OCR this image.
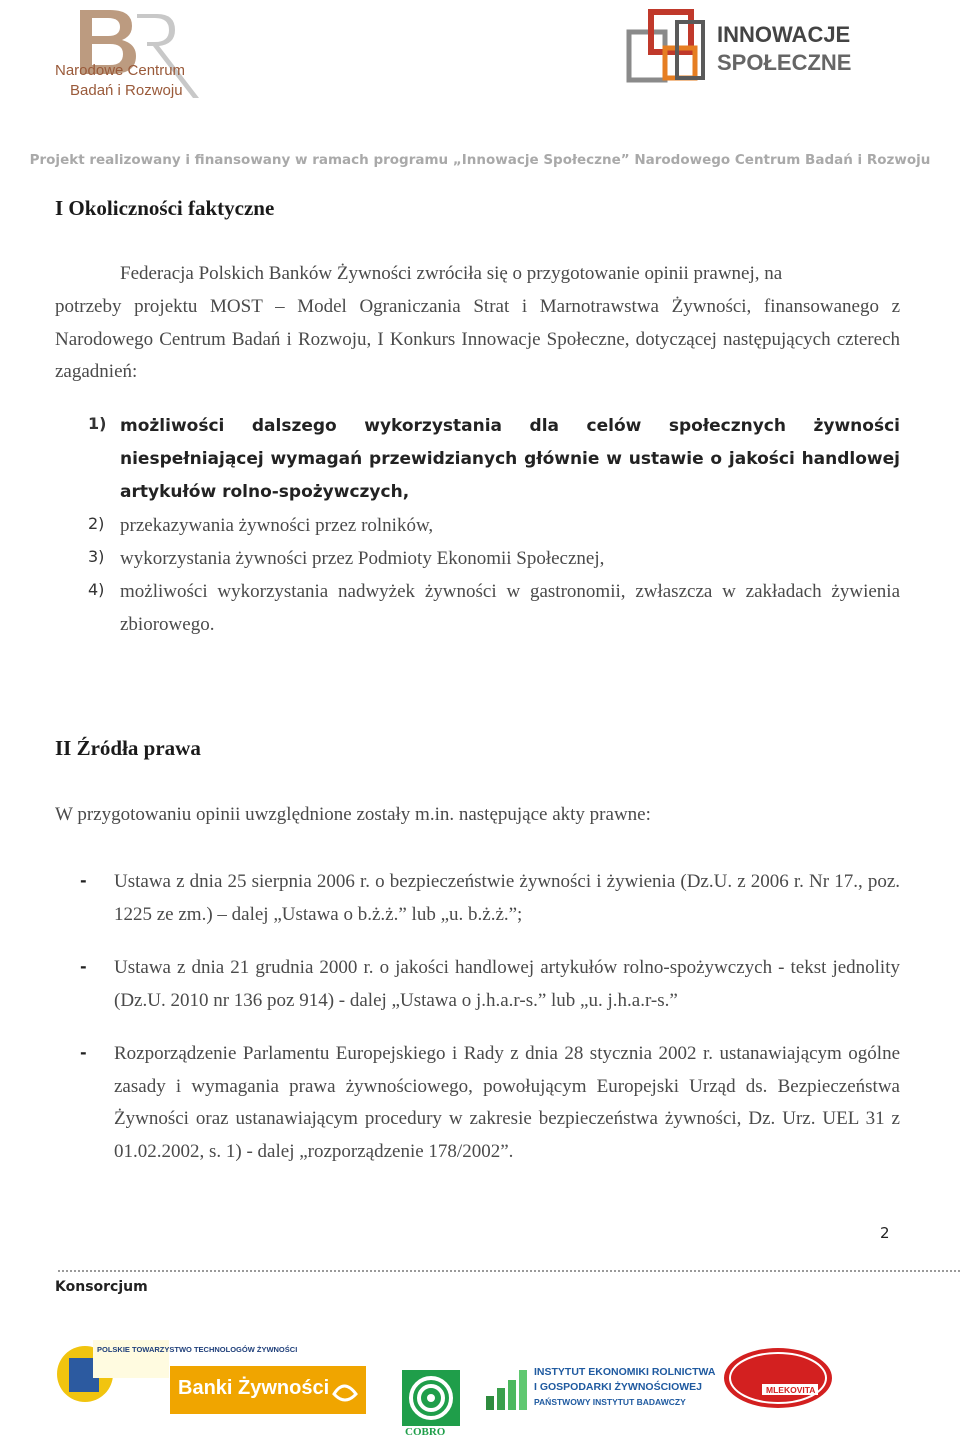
Narodowe Centrum
Badań i Rozwoju
INNOWACJE
SPOŁECZNE
Projekt realizowany i finansowany w ramach programu „Innowacje Społeczne” Narodowego Centrum Badań i Rozwoju
I Okoliczności faktyczne
Federacja Polskich Banków Żywności zwróciła się o przygotowanie opinii prawnej, na
potrzeby projektu MOST – Model Ograniczania Strat i Marnotrawstwa Żywności, finansowanego z Narodowego Centrum Badań i Rozwoju, I Konkurs Innowacje Społeczne, dotyczącej następujących czterech zagadnień:
1) możliwości dalszego wykorzystania dla celów społecznych żywności niespełniającej wymagań przewidzianych głównie w ustawie o jakości handlowej artykułów rolno-spożywczych,
2) przekazywania żywności przez rolników,
3) wykorzystania żywności przez Podmioty Ekonomii Społecznej,
4) możliwości wykorzystania nadwyżek żywności w gastronomii, zwłaszcza w zakładach żywienia zbiorowego.
II Źródła prawa
W przygotowaniu opinii uwzględnione zostały m.in. następujące akty prawne:
- Ustawa z dnia 25 sierpnia 2006 r. o bezpieczeństwie żywności i żywienia (Dz.U. z 2006 r. Nr 17., poz. 1225 ze zm.) – dalej „Ustawa o b.ż.ż.” lub „u. b.ż.ż.”;
- Ustawa z dnia 21 grudnia 2000 r. o jakości handlowej artykułów rolno-spożywczych - tekst jednolity (Dz.U. 2010 nr 136 poz 914) - dalej „Ustawa o j.h.a.r-s.” lub „u. j.h.a.r-s.”
- Rozporządzenie Parlamentu Europejskiego i Rady z dnia 28 stycznia 2002 r. ustanawiającym ogólne zasady i wymagania prawa żywnościowego, powołującym Europejski Urząd ds. Bezpieczeństwa Żywności oraz ustanawiającym procedury w zakresie bezpieczeństwa żywności, Dz. Urz. UEL 31 z 01.02.2002, s. 1) - dalej „rozporządzenie 178/2002”.
2
Konsorcjum
POLSKIE TOWARZYSTWO TECHNOLOGÓW ŻYWNOŚCI
Banki Żywności
COBRO
INSTYTUT EKONOMIKI ROLNICTWA
I GOSPODARKI ŻYWNOŚCIOWEJ
PAŃSTWOWY INSTYTUT BADAWCZY
MLEKOVITA
